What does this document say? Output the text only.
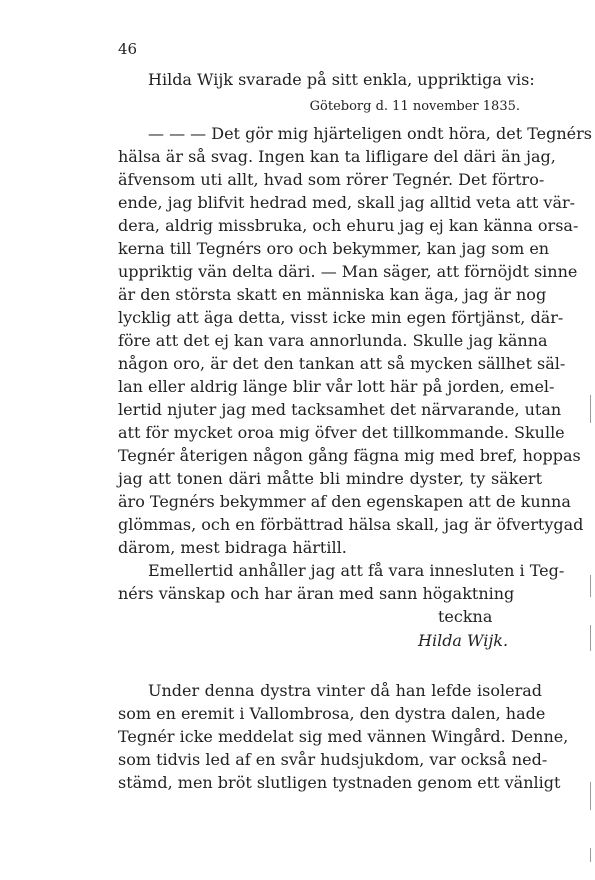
46
Hilda Wijk svarade på sitt enkla, uppriktiga vis:
Göteborg d. 11 november 1835.
— — — Det gör mig hjärteligen ondt höra, det Tegnérs
hälsa är så svag. Ingen kan ta lifligare del däri än jag,
äfvensom uti allt, hvad som rörer Tegnér. Det förtro-
ende, jag blifvit hedrad med, skall jag alltid veta att vär-
dera, aldrig missbruka, och ehuru jag ej kan känna orsa-
kerna till Tegnérs oro och bekymmer, kan jag som en
uppriktig vän delta däri. — Man säger, att förnöjdt sinne
är den största skatt en människa kan äga, jag är nog
lycklig att äga detta, visst icke min egen förtjänst, där-
före att det ej kan vara annorlunda. Skulle jag känna
någon oro, är det den tankan att så mycken sällhet säl-
lan eller aldrig länge blir vår lott här på jorden, emel-
lertid njuter jag med tacksamhet det närvarande, utan
att för mycket oroa mig öfver det tillkommande. Skulle
Tegnér återigen någon gång fägna mig med bref, hoppas
jag att tonen däri måtte bli mindre dyster, ty säkert
äro Tegnérs bekymmer af den egenskapen att de kunna
glömmas, och en förbättrad hälsa skall, jag är öfvertygad
därom, mest bidraga härtill.
Emellertid anhåller jag att få vara innesluten i Teg-
nérs vänskap och har äran med sann högaktning
teckna
Hilda Wijk.
Under denna dystra vinter då han lefde isolerad
som en eremit i Vallombrosa, den dystra dalen, hade
Tegnér icke meddelat sig med vännen Wingård. Denne,
som tidvis led af en svår hudsjukdom, var också ned-
stämd, men bröt slutligen tystnaden genom ett vänligt
